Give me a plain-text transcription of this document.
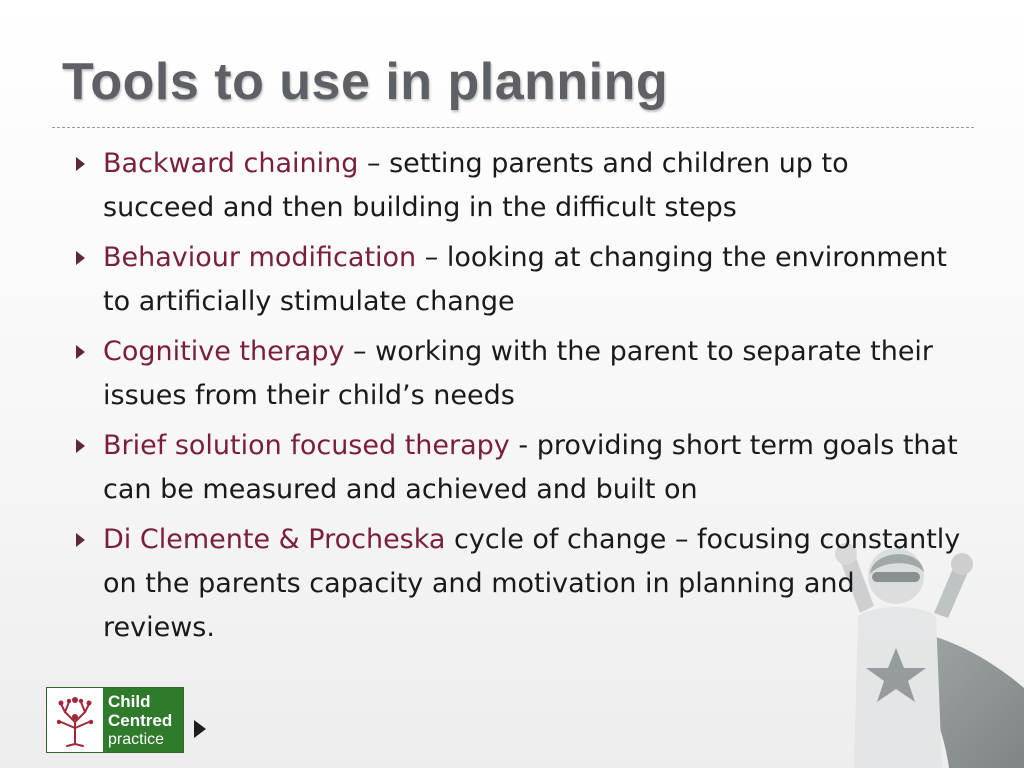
Tools to use in planning
Backward chaining – setting parents and children up to succeed and then building in the difficult steps
Behaviour modification – looking at changing the environment to artificially stimulate change
Cognitive therapy – working with the parent to separate their issues from their child’s needs
Brief solution focused therapy - providing short term goals that can be measured and achieved and built on
Di Clemente & Procheska cycle of change – focusing constantly on the parents capacity and motivation in planning and reviews.
Child
Centred
practice
